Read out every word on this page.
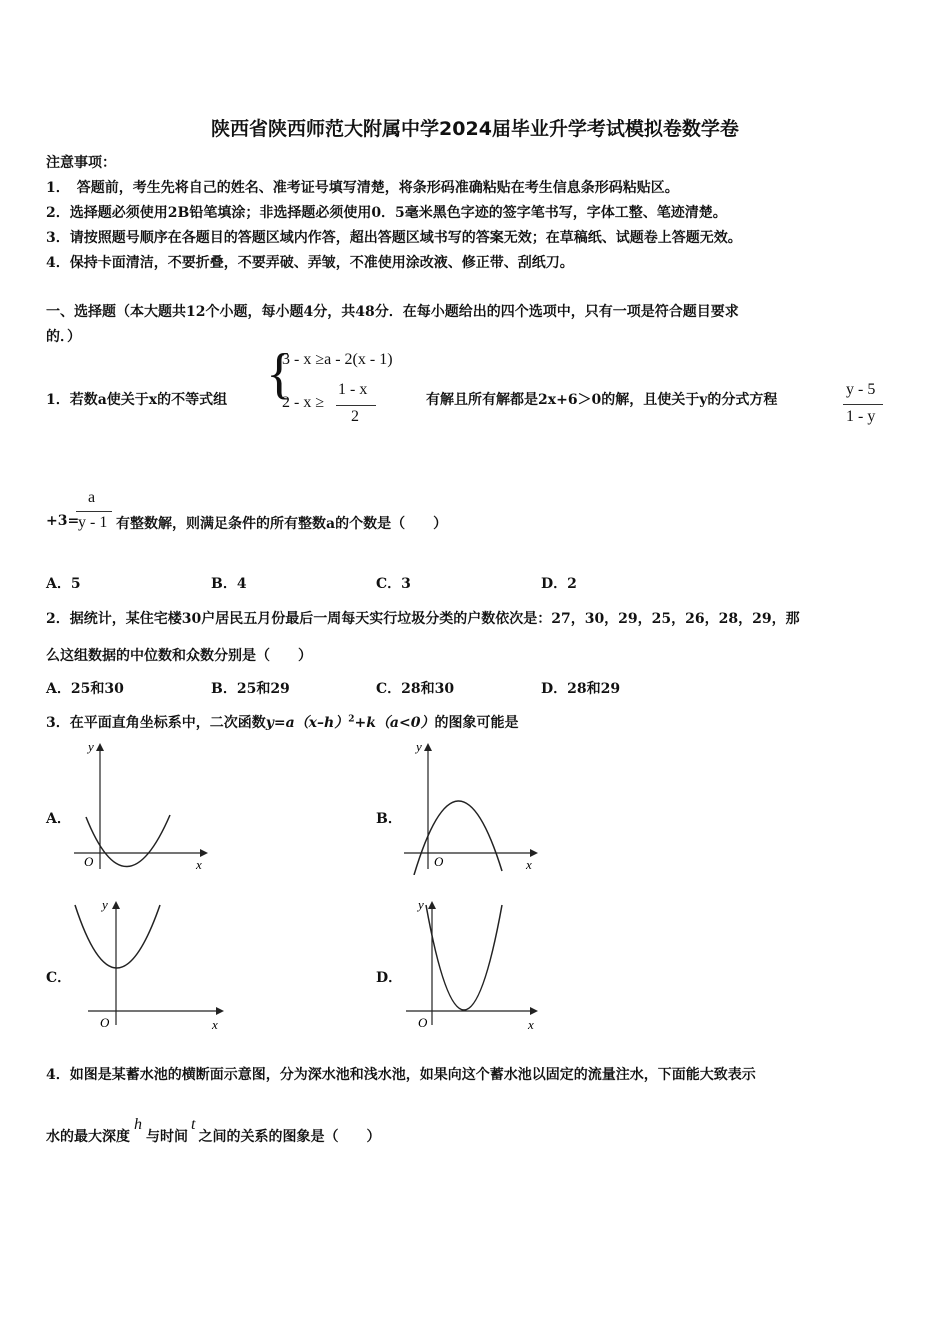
陕西省陕西师范大附属中学2024届毕业升学考试模拟卷数学卷
注意事项：
1．　答题前，考生先将自己的姓名、准考证号填写清楚，将条形码准确粘贴在考生信息条形码粘贴区。
2．选择题必须使用2B铅笔填涂；非选择题必须使用0．5毫米黑色字迹的签字笔书写，字体工整、笔迹清楚。
3．请按照题号顺序在各题目的答题区域内作答，超出答题区域书写的答案无效；在草稿纸、试题卷上答题无效。
4．保持卡面清洁，不要折叠，不要弄破、弄皱，不准使用涂改液、修正带、刮纸刀。
一、选择题（本大题共12个小题，每小题4分，共48分．在每小题给出的四个选项中，只有一项是符合题目要求
的．）
1．若数a使关于x的不等式组 {
3 - x ≥a - 2(x - 1)
2 - x ≥
1 - x
2
有解且所有解都是2x+6＞0的解，且使关于y的分式方程
y - 5
1 - y
a
+3=
y - 1 有整数解，则满足条件的所有整数a的个数是（　　）
A．5	B．4	C．3	D．2
2．据统计，某住宅楼30户居民五月份最后一周每天实行垃圾分类的户数依次是：27，30，29，25，26，28，29，那
么这组数据的中位数和众数分别是（　　）
A．25和30	B．25和29	C．28和30	D．28和29
3．在平面直角坐标系中，二次函数$y=a(x-h)^2+k(a<0)$的图象可能是
A．	B．
C．	D．
y
O	x
y
O	x
y
O	x
y
O	x
4．如图是某蓄水池的横断面示意图，分为深水池和浅水池，如果向这个蓄水池以固定的流量注水，下面能大致表示
水的最大深度h与时间t之间的关系的图象是（　　）
